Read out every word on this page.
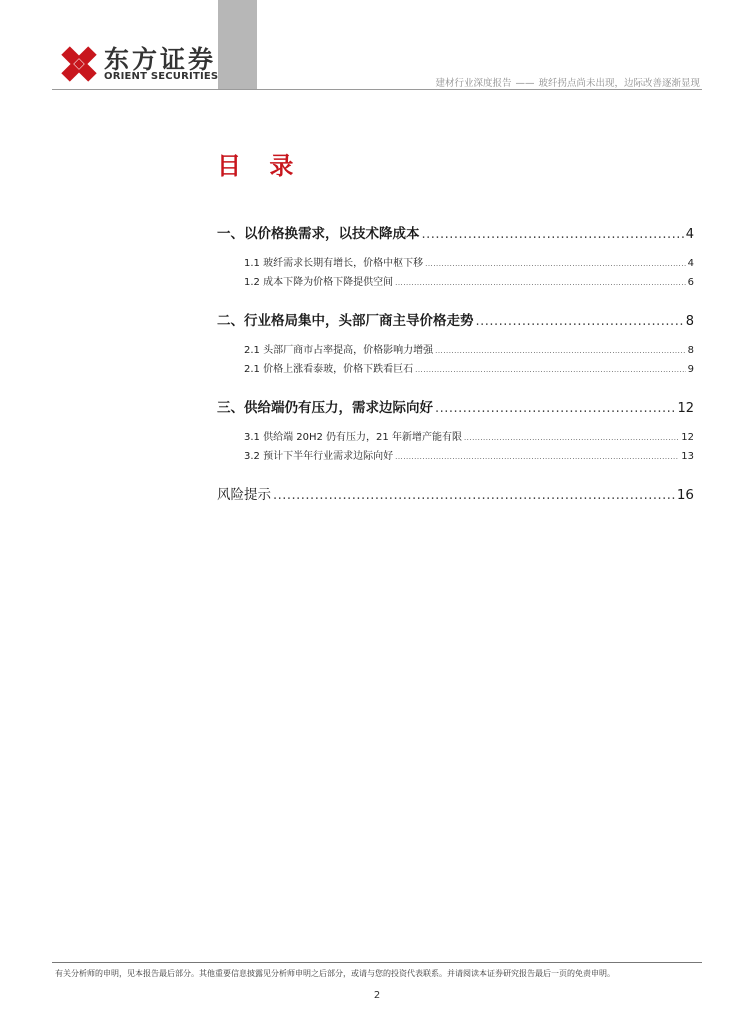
东方证券
ORIENT SECURITIES
建材行业深度报告 —— 玻纤拐点尚未出现，边际改善逐渐显现
目 录
一、以价格换需求，以技术降成本 .....	4
1.1 玻纤需求长期有增长，价格中枢下移 .....	4
1.2 成本下降为价格下降提供空间 .....	6
二、行业格局集中，头部厂商主导价格走势 .....	8
2.1 头部厂商市占率提高，价格影响力增强 .....	8
2.1 价格上涨看泰玻，价格下跌看巨石 .....	9
三、供给端仍有压力，需求边际向好 .....	12
3.1 供给端 20H2 仍有压力，21 年新增产能有限 .....	12
3.2 预计下半年行业需求边际向好 .....	13
风险提示 .....	16
有关分析师的申明，见本报告最后部分。其他重要信息披露见分析师申明之后部分，或请与您的投资代表联系。并请阅读本证券研究报告最后一页的免责申明。
2
